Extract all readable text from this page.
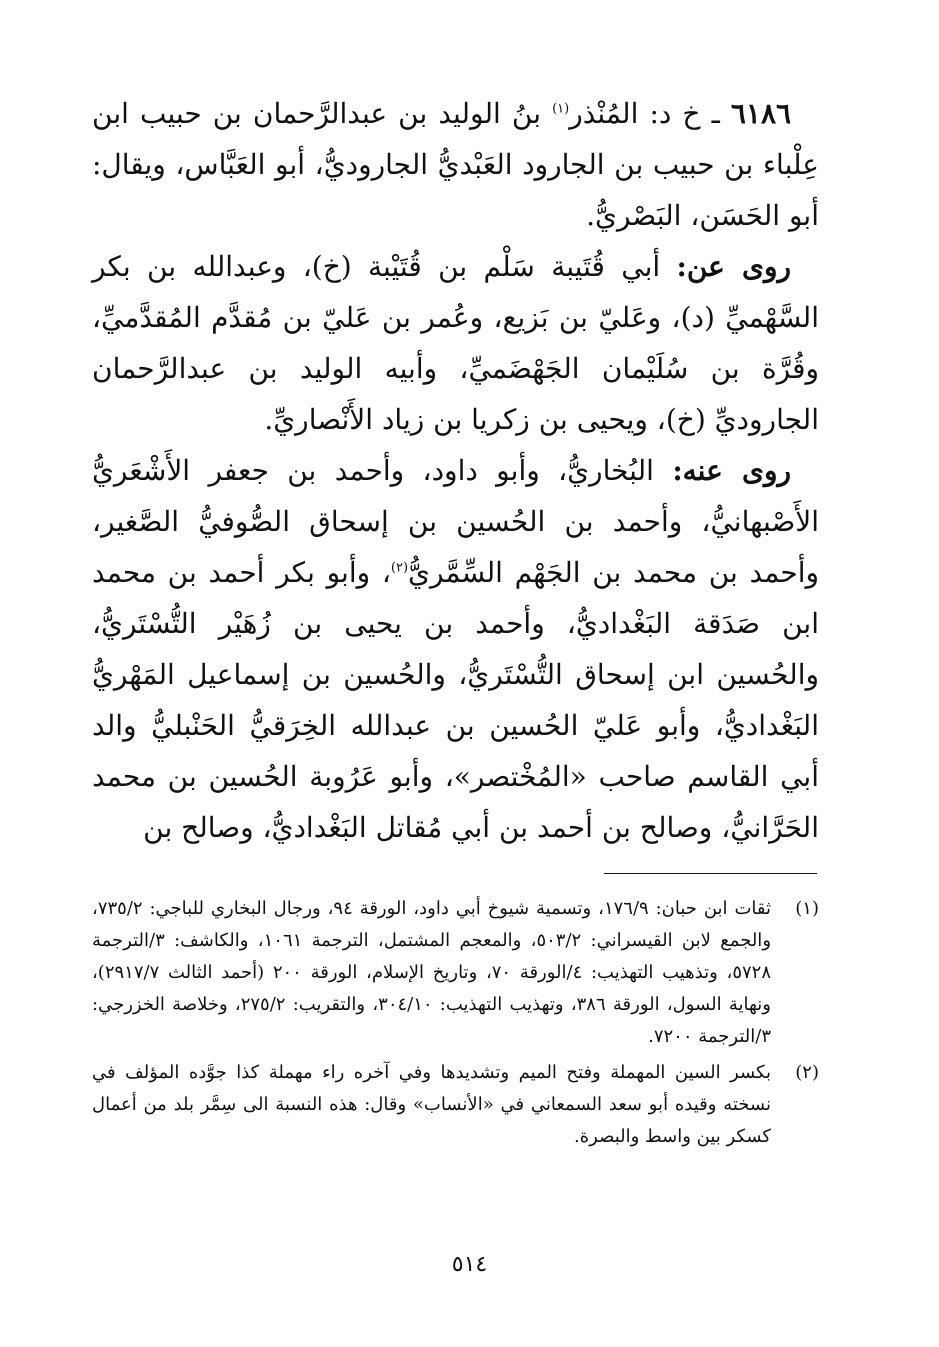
٦١٨٦ ـ خ د: المُنْذر$^{(١)}$ بنُ الوليد بن عبدالرَّحمان بن حبيب ابن عِلْباء بن حبيب بن الجارود العَبْديُّ الجاروديُّ، أبو العَبَّاس، ويقال: أبو الحَسَن، البَصْريُّ.

روى عن: أبي قُتَيبة سَلْم بن قُتَيْبة (خ)، وعبدالله بن بكر السَّهْميِّ (د)، وعَليّ بن بَزيع، وعُمر بن عَليّ بن مُقدَّم المُقدَّميِّ، وقُرَّة بن سُلَيْمان الجَهْضَميِّ، وأبيه الوليد بن عبدالرَّحمان الجاروديِّ (خ)، ويحيى بن زكريا بن زياد الأَنْصاريِّ.

روى عنه: البُخاريُّ، وأبو داود، وأحمد بن جعفر الأَشْعَريُّ الأَصْبهانيُّ، وأحمد بن الحُسين بن إسحاق الصُّوفيُّ الصَّغير، وأحمد بن محمد بن الجَهْم السِّمَّريُّ$^{(٢)}$، وأبو بكر أحمد بن محمد ابن صَدَقة البَغْداديُّ، وأحمد بن يحيى بن زُهَيْر التُّسْتَريُّ، والحُسين ابن إسحاق التُّسْتَريُّ، والحُسين بن إسماعيل المَهْريُّ البَغْداديُّ، وأبو عَليّ الحُسين بن عبدالله الخِرَقيُّ الحَنْبليُّ والد أبي القاسم صاحب «المُخْتصر»، وأبو عَرُوبة الحُسين بن محمد الحَرَّانيُّ، وصالح بن أحمد بن أبي مُقاتل البَغْداديُّ، وصالح بن

(١)
ثقات ابن حبان: ١٧٦/٩، وتسمية شيوخ أبي داود، الورقة ٩٤، ورجال البخاري للباجي: ٧٣٥/٢، والجمع لابن القيسراني: ٥٠٣/٢، والمعجم المشتمل، الترجمة ١٠٦١، والكاشف: ٣/الترجمة ٥٧٢٨، وتذهيب التهذيب: ٤/الورقة ٧٠، وتاريخ الإسلام، الورقة ٢٠٠ (أحمد الثالث ٢٩١٧/٧)، ونهاية السول، الورقة ٣٨٦، وتهذيب التهذيب: ٣٠٤/١٠، والتقريب: ٢٧٥/٢، وخلاصة الخزرجي: ٣/الترجمة ٧٢٠٠.

(٢)
بكسر السين المهملة وفتح الميم وتشديدها وفي آخره راء مهملة كذا جوَّده المؤلف في نسخته وقيده أبو سعد السمعاني في «الأنساب» وقال: هذه النسبة الى سِمَّر بلد من أعمال كسكر بين واسط والبصرة.

٥١٤
